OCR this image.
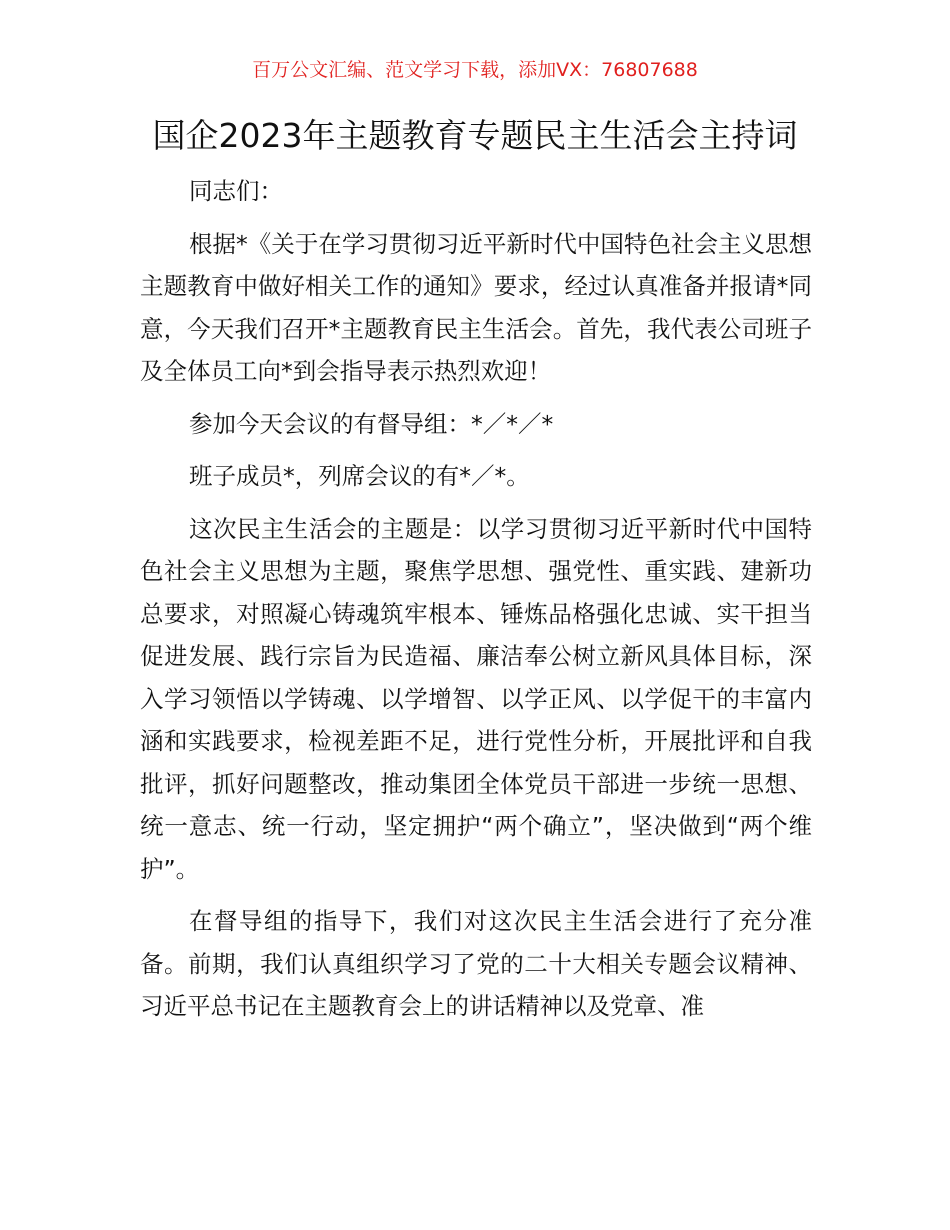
百万公文汇编、范文学习下载，添加VX：76807688
国企2023年主题教育专题民主生活会主持词

同志们：

根据*《关于在学习贯彻习近平新时代中国特色社会主义思想主题教育中做好相关工作的通知》要求，经过认真准备并报请*同意，今天我们召开*主题教育民主生活会。首先，我代表公司班子及全体员工向*到会指导表示热烈欢迎！

参加今天会议的有督导组：*／*／*

班子成员*，列席会议的有*／*。

这次民主生活会的主题是：以学习贯彻习近平新时代中国特色社会主义思想为主题，聚焦学思想、强党性、重实践、建新功总要求，对照凝心铸魂筑牢根本、锤炼品格强化忠诚、实干担当促进发展、践行宗旨为民造福、廉洁奉公树立新风具体目标，深入学习领悟以学铸魂、以学增智、以学正风、以学促干的丰富内涵和实践要求，检视差距不足，进行党性分析，开展批评和自我批评，抓好问题整改，推动集团全体党员干部进一步统一思想、统一意志、统一行动，坚定拥护“两个确立”，坚决做到“两个维护”。

在督导组的指导下，我们对这次民主生活会进行了充分准备。前期，我们认真组织学习了党的二十大相关专题会议精神、习近平总书记在主题教育会上的讲话精神以及党章、准
